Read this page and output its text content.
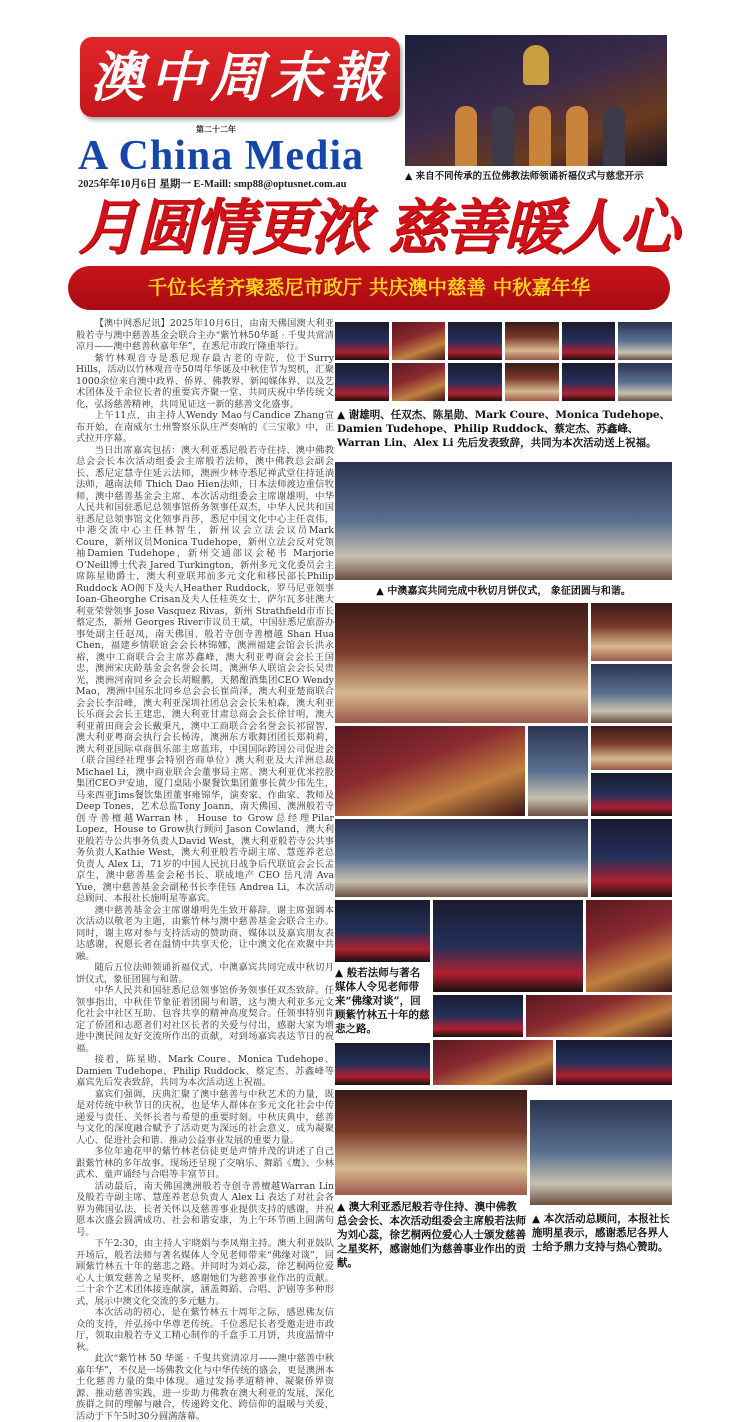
澳中周末報
第二十二年
A China Media
2025年年10月6日 星期一 E-Maill: smp88@optusnet.com.au
▲ 来自不同传承的五位佛教法师领诵祈福仪式与慈悲开示
月圆情更浓 慈善暖人心
千位长者齐聚悉尼市政厅 共庆澳中慈善 中秋嘉年华

【澳中网悉尼讯】2025年10月6日，由南天佛国澳大利亚般若寺与澳中慈善基金会联合主办“紫竹林50华诞 · 千叟共赏清凉月——澳中慈善秋嘉年华”，在悉尼市政厅隆重举行。

紫竹林观音寺是悉尼现存最古老的寺院，位于Surry Hills，活动以竹林观音寺50周年华诞及中秋佳节为契机，汇聚1000余位来自澳中政界、侨界、佛教界、新闻媒体界、以及艺术团体及千余位长者的重要宾齐聚一堂、共同庆祝中华传统文化，弘扬慈善精神，共同见证这一新的慈善文化盛事。

上午11点，由主持人Wendy Mao与Candice Zhang宣布开始，在南威尔士州警察乐队庄严奏响的《三宝歌》中，正式拉开序幕。

当日出席嘉宾包括：澳大利亚悉尼般若寺住持、澳中佛教总会会长本次活动组委会主席般若法师，澳中佛教总会副会长、悉尼定慧寺住延云法师，澳洲少林寺悉尼禅武堂住持延淌法师，越南法师 Thich Dao Hien法师，日本法师渡边重信牧师，澳中慈善基金会主席、本次活动组委会主席谢雄明，中华人民共和国驻悉尼总领事馆侨务领事任双杰，中华人民共和国驻悉尼总领事馆文化领事肖莎，悉尼中国文化中心主任袁伟，中港交流中心主任林智生，新州议会立法会议员Mark Coure，新州议员Monica Tudehope，新州立法会反对党领袖Damien Tudehope，新州交通部议会秘书 Marjorie O’Neill博士代表 Jared Turkington，新州多元文化委员会主席陈星勋爵士，澳大利亚联邦前多元文化和移民部长Philip Ruddock AO阁下及夫人Heather Ruddock，罗马尼亚领事 Ioan-Gheorghe Crisan及夫人任桂英女士，萨尔瓦多驻澳大利亚荣誉领事 Jose Vasquez Rivas，新州 Strathfield市市长蔡定杰，新州 Georges River市议员王斌，中国驻悉尼旅游办事处副主任赵凤，南天佛国、般若寺创寺善檀越 Shan Hua Chen，福建乡情联谊会会长林锦娜，澳洲福建会馆会长洪永裕，澳中工商联合会主席苏鑫峰，澳大利亚粤商会会长王国忠，澳洲宋庆龄基金会名誉会长周，澳洲华人联谊会会长吴贵光，澳洲河南同乡会会长胡鲲鹏，天鹅酿酒集团CEO Wendy Mao，澳洲中国东北同乡总会会长崔尚泽，澳大利亚楚商联合会会长李沿峰，澳大利亚深圳社团总会会长朱柏森，澳大利亚长乐商会会长王建忠，澳大利亚甘肃总商会会长徐甘明，澳大利亚莆田商会会长戴秉凡，澳中工商联合会名誉会长祁留智，澳大利亚粤商会执行会长杨涛，澳洲东方歌舞团团长郑莉莉，澳大利亚国际卓商俱乐部主席蓝玮，中国国际跨国公司促进会（联合国经社理事会特别咨商单位）澳大利亚及大洋洲总裁Michael Li，澳中商业联合会董事局主席、澳大利亚优米控股集团CEO尹安迪，厦门桌陆小聚餐饮集团董事长黄少伟先生，马来西亚Jims餐饮集团董事雍锦华，演奏家、作曲家、教师及Deep Tones，艺术总监Tony Joann，南天佛国、澳洲般若寺创寺善檀越Warran林，House to Grow总经理Pilar Lopez，House to Grow执行顾问 Jason Cowland，澳大利亚般若寺公共事务负责人David West，澳大利亚般若寺公共事务负责人Kathie West，澳大利亚般若寺副主席、慧莲养老总负责人 Alex Li，71岁的中国人民抗日战争后代联谊会会长孟京生，澳中慈善基金会秘书长、联成地产 CEO 岳凡清 Ava Yue，澳中慈善基金会副秘书长李佳钰 Andrea Li，本次活动总顾问、本报社长施明星等嘉宾。

澳中慈善基金会主席谢雄明先生致开幕辞。谢主席强调本次活动以敬老为主题，由紫竹林与澳中慈善基金会联合主办。同时，谢主席对参与支持活动的赞助商、媒体以及嘉宾朋友表达感谢，祝愿长者在温情中共享天伦，让中澳文化在欢聚中共融。

随后五位法师领诵祈福仪式，中澳嘉宾共同完成中秋切月饼仪式，象征团圆与和谐。

中华人民共和国驻悉尼总领事馆侨务领事任双杰致辞。任领事指出，中秋佳节象征着团圆与和谐，这与澳大利亚多元文化社会中社区互助、包容共享的精神高度契合。任领事特别肯定了侨团和志愿者们对社区长者的关爱与付出，感谢大家为增进中澳民间友好交流所作出的贡献，对到场嘉宾表达节日的祝福。

接着，陈星勋、Mark Coure、Monica Tudehope、 Damien Tudehope、Philip Ruddock、蔡定杰、苏鑫峰等嘉宾先后发表致辞，共同为本次活动送上祝福。

嘉宾们强调，庆典汇聚了澳中慈善与中秋艺术的力量，既是对传统中秋节日的庆祝，也是华人群体在多元文化社会中传递爱与责任、关怀长者与希望的重要时刻。中秋庆典中，慈善与文化的深度融合赋予了活动更为深远的社会意义，成为凝聚人心、促进社会和谐、推动公益事业发展的重要力量。

多位年逾花甲的紫竹林老信徒更是声情并茂的讲述了自己跟紫竹林的多年故事。现场还呈现了交响乐、舞蹈《鹰》、少林武术、童声诵经与合唱等丰富节目。

活动最后，南天佛国澳洲般若寺创寺善檀越Warran Lin 及般若寺副主席、慧莲养老总负责人 Alex Li 表达了对社会各界为佛国弘法，长者关怀以及慈善事业提供支持的感谢，并祝愿本次盛会圆满成功、社会和谐安康，为上午环节画上圆满句号。

下午2:30，由主持人宇晓娟与李凤翔主持。澳大利亚鼓队开场后，般若法师与著名媒体人令见老师带来“佛缘对谈”，回顾紫竹林五十年的慈悲之路。并同时为刘心蕊，徐艺桐两位爱心人士颁发慈善之星奖杯，感谢她们为慈善事业作出的贡献。二十余个艺术团体接连献演，涵盖舞蹈、合唱、沪剧等多种形式，展示中澳文化交流的多元魅力。

本次活动的初心，是在紫竹林五十周年之际，感恩佛友信众的支持，并弘扬中华尊老传统。千位悉尼长者受邀走进市政厅，领取由般若寺义工精心制作的千盒手工月饼，共度温情中秋。

此次“紫竹林 50 华诞 · 千叟共赏清凉月——澳中慈善中秋嘉年华”，不仅是一场佛教文化与中华传统的盛会，更是澳洲本土化慈善力量的集中体现。通过发扬孝道精神、凝聚侨界资源、推动慈善实践，进一步助力佛教在澳大利亚的发展，深化族群之间的理解与融合，传递跨文化、跨信仰的温暖与关爱，活动于下午5时30分圆满落幕。

▲ 谢雄明、任双杰、陈星勋、Mark Coure、Monica Tudehope、Damien Tudehope、Philip Ruddock、蔡定杰、苏鑫峰、Warran Lin、Alex Li 先后发表致辞，共同为本次活动送上祝福。
▲ 中澳嘉宾共同完成中秋切月饼仪式， 象征团圆与和谐。
▲ 般若法师与著名媒体人令见老师带来“佛缘对谈”，回顾紫竹林五十年的慈悲之路。
▲ 澳大利亚悉尼般若寺住持、澳中佛教总会会长、本次活动组委会主席般若法师为刘心蕊，徐艺桐两位爱心人士颁发慈善之星奖杯，感谢她们为慈善事业作出的贡献。
▲ 本次活动总顾问，本报社长施明星表示，感谢悉尼各界人士给予鼎力支持与热心赞助。
